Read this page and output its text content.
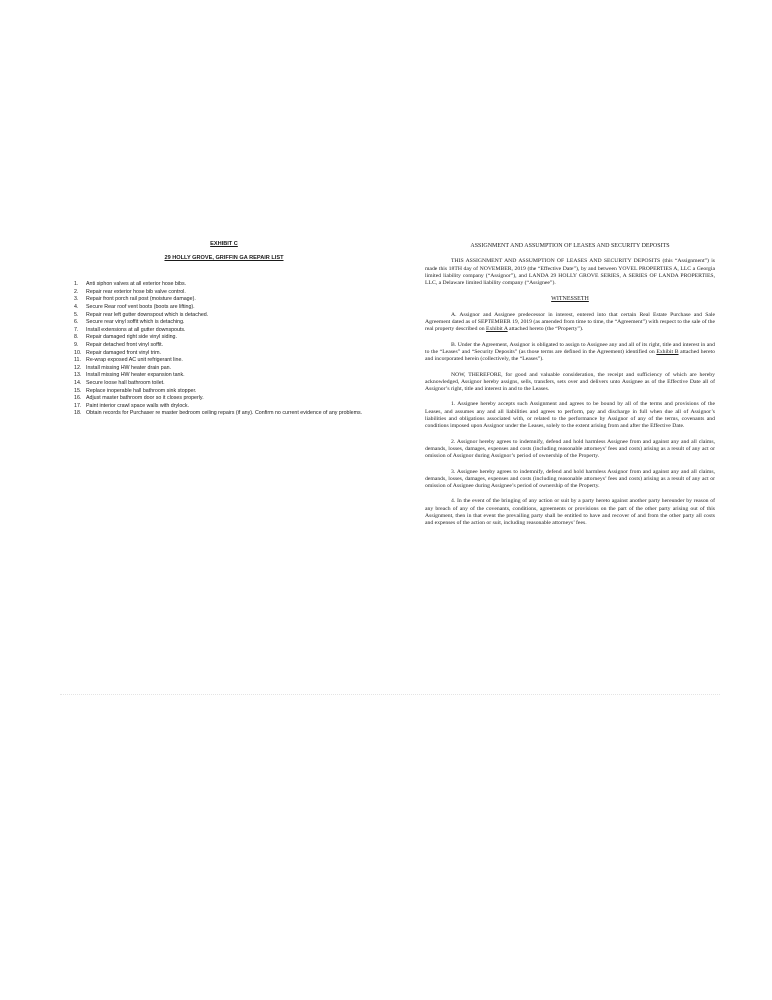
EXHIBIT C

29 HOLLY GROVE, GRIFFIN GA REPAIR LIST

1.	Anti siphon valves at all exterior hose bibs.
2.	Repair rear exterior hose bib valve control.
3.	Repair front porch rail post (moisture damage).
4.	Secure Rear roof vent boots (boots are lifting).
5.	Repair rear left gutter downspout which is detached.
6.	Secure rear vinyl soffit which is detaching.
7.	Install extensions at all gutter downspouts.
8.	Repair damaged right side vinyl siding.
9.	Repair detached front vinyl soffit.
10. Repair damaged front vinyl trim.
11. Re-wrap exposed AC unit refrigerant line.
12. Install missing HW heater drain pan.
13. Install missing HW heater expansion tank.
14. Secure loose hall bathroom toilet.
15. Replace inoperable hall bathroom sink stopper.
16. Adjust master bathroom door so it closes properly.
17. Paint interior crawl space walls with drylock.
18. Obtain records for Purchaser re master bedroom ceiling repairs (if any). Confirm no current evidence of any problems.
ASSIGNMENT AND ASSUMPTION OF LEASES AND SECURITY DEPOSITS

THIS ASSIGNMENT AND ASSUMPTION OF LEASES AND SECURITY DEPOSITS (this “Assignment”) is made this 18TH day of NOVEMBER, 2019 (the “Effective Date”), by and between YOVEL PROPERTIES A, LLC a Georgia limited liability company (“Assignor”), and LANDA 29 HOLLY GROVE SERIES, A SERIES OF LANDA PROPERTIES, LLC, a Delaware limited liability company (“Assignee”).

WITNESSETH

A. Assignor and Assignee predecessor in interest, entered into that certain Real Estate Purchase and Sale Agreement dated as of SEPTEMBER 19, 2019 (as amended from time to time, the “Agreement”) with respect to the sale of the real property described on Exhibit A attached hereto (the “Property”).

B. Under the Agreement, Assignor is obligated to assign to Assignee any and all of its right, title and interest in and to the “Leases” and “Security Deposits” (as those terms are defined in the Agreement) identified on Exhibit B attached hereto and incorporated herein (collectively, the “Leases”).

NOW, THEREFORE, for good and valuable consideration, the receipt and sufficiency of which are hereby acknowledged, Assignor hereby assigns, sells, transfers, sets over and delivers unto Assignee as of the Effective Date all of Assignor’s right, title and interest in and to the Leases.

1. Assignee hereby accepts such Assignment and agrees to be bound by all of the terms and provisions of the Leases, and assumes any and all liabilities and agrees to perform, pay and discharge in full when due all of Assignor’s liabilities and obligations associated with, or related to the performance by Assignor of any of the terms, covenants and conditions imposed upon Assignor under the Leases, solely to the extent arising from and after the Effective Date.

2. Assignor hereby agrees to indemnify, defend and hold harmless Assignee from and against any and all claims, demands, losses, damages, expenses and costs (including reasonable attorneys’ fees and costs) arising as a result of any act or omission of Assignor during Assignor’s period of ownership of the Property.

3. Assignee hereby agrees to indemnify, defend and hold harmless Assignor from and against any and all claims, demands, losses, damages, expenses and costs (including reasonable attorneys’ fees and costs) arising as a result of any act or omission of Assignee during Assignee’s period of ownership of the Property.

4. In the event of the bringing of any action or suit by a party hereto against another party hereunder by reason of any breach of any of the covenants, conditions, agreements or provisions on the part of the other party arising out of this Assignment, then in that event the prevailing party shall be entitled to have and recover of and from the other party all costs and expenses of the action or suit, including reasonable attorneys’ fees.
